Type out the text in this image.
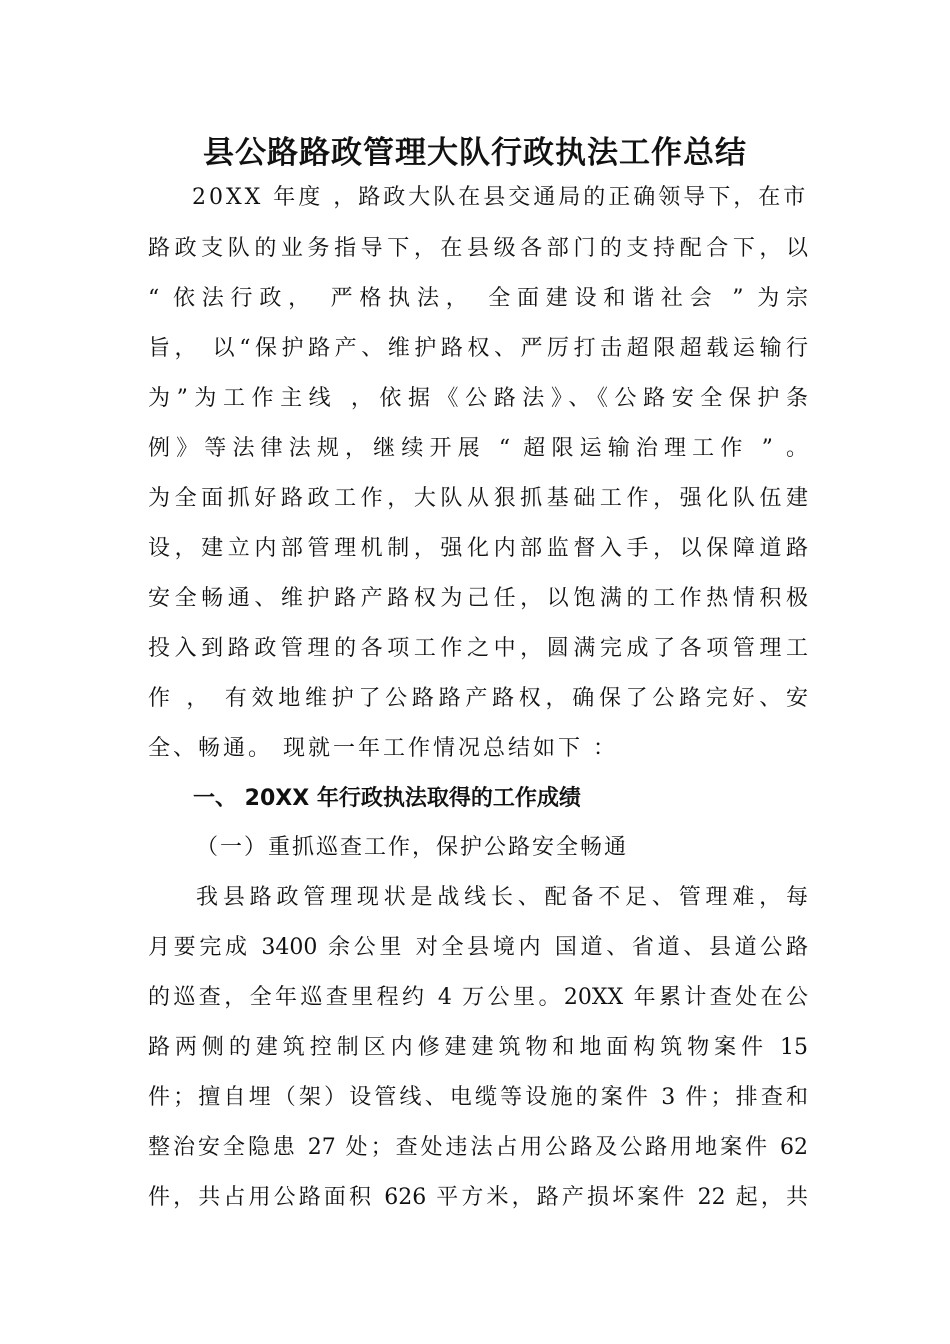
县公路路政管理大队行政执法工作总结
20XX 年度 ，路政大队在县交通局的正确领导下，在市
路政支队的业务指导下，在县级各部门的支持配合下，以
“ 依法行政， 严格执法， 全面建设和谐社会 ” 为宗
旨， 以“保护路产、维护路权、严厉打击超限超载运输行
为”为工作主线 ，依据《公路法》、《公路安全保护条
例》等法律法规，继续开展 “ 超限运输治理工作 ” 。
为全面抓好路政工作，大队从狠抓基础工作，强化队伍建
设，建立内部管理机制，强化内部监督入手，以保障道路
安全畅通、维护路产路权为己任，以饱满的工作热情积极
投入到路政管理的各项工作之中，圆满完成了各项管理工
作 ， 有效地维护了公路路产路权，确保了公路完好、安
全、畅通。 现就一年工作情况总结如下 ：
一、 20XX 年行政执法取得的工作成绩
（一）重抓巡查工作，保护公路安全畅通
我县路政管理现状是战线长、配备不足、管理难，每
月要完成 3400 余公里 对全县境内 国道、省道、县道公路
的巡查，全年巡查里程约 4 万公里。20XX 年累计查处在公
路两侧的建筑控制区内修建建筑物和地面构筑物案件 15
件；擅自埋（架）设管线、电缆等设施的案件 3 件；排查和
整治安全隐患 27 处；查处违法占用公路及公路用地案件 62
件，共占用公路面积 626 平方米，路产损坏案件 22 起，共
